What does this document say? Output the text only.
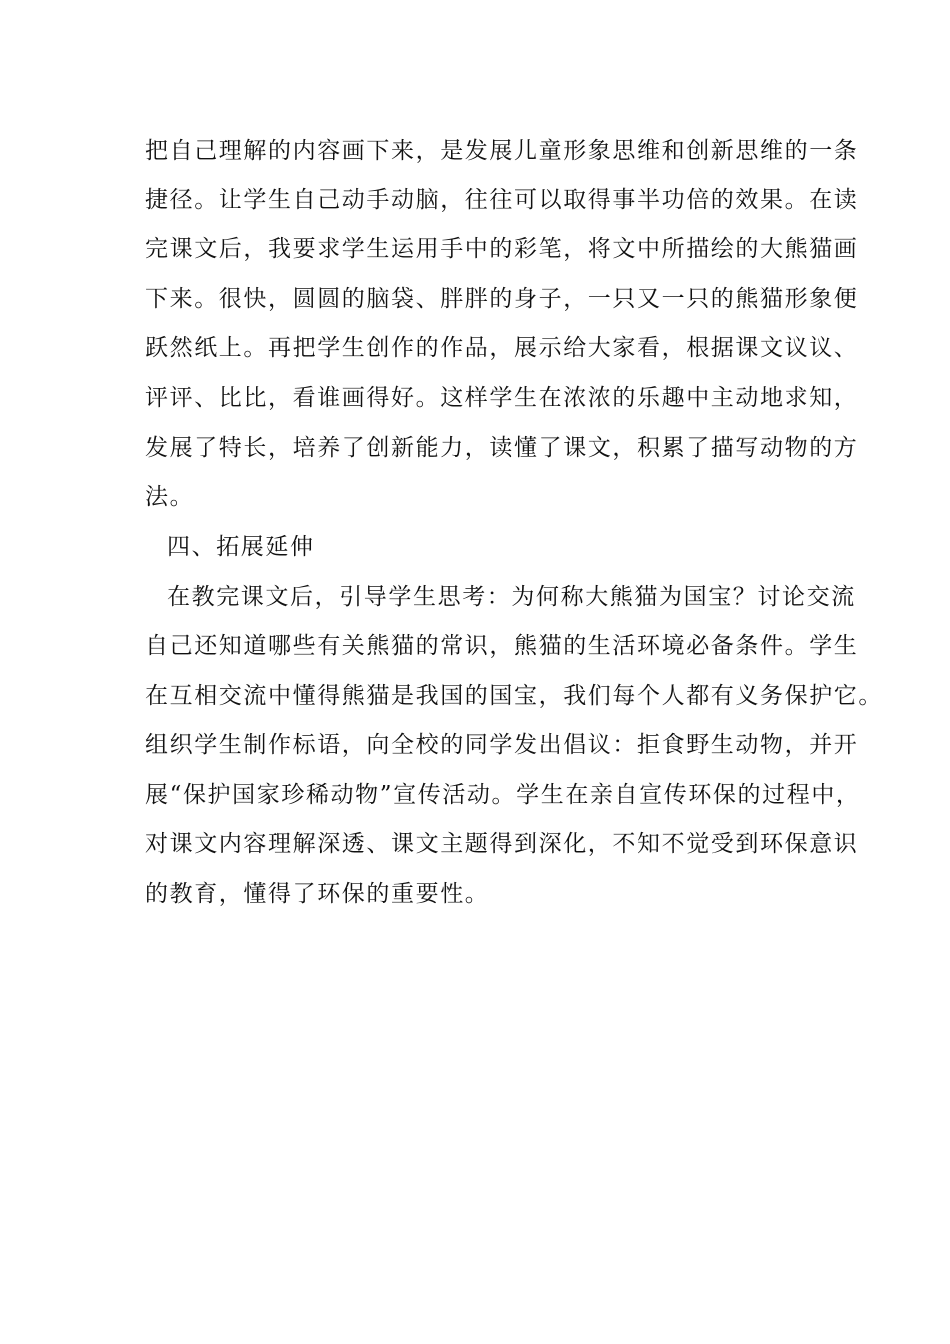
把自己理解的内容画下来，是发展儿童形象思维和创新思维的一条
捷径。让学生自己动手动脑，往往可以取得事半功倍的效果。在读
完课文后，我要求学生运用手中的彩笔，将文中所描绘的大熊猫画
下来。很快，圆圆的脑袋、胖胖的身子，一只又一只的熊猫形象便
跃然纸上。再把学生创作的作品，展示给大家看，根据课文议议、
评评、比比，看谁画得好。这样学生在浓浓的乐趣中主动地求知，
发展了特长，培养了创新能力，读懂了课文，积累了描写动物的方
法。
四、拓展延伸
在教完课文后，引导学生思考：为何称大熊猫为国宝？讨论交流
自己还知道哪些有关熊猫的常识，熊猫的生活环境必备条件。学生
在互相交流中懂得熊猫是我国的国宝，我们每个人都有义务保护它。
组织学生制作标语，向全校的同学发出倡议：拒食野生动物，并开
展“保护国家珍稀动物”宣传活动。学生在亲自宣传环保的过程中，
对课文内容理解深透、课文主题得到深化，不知不觉受到环保意识
的教育，懂得了环保的重要性。
